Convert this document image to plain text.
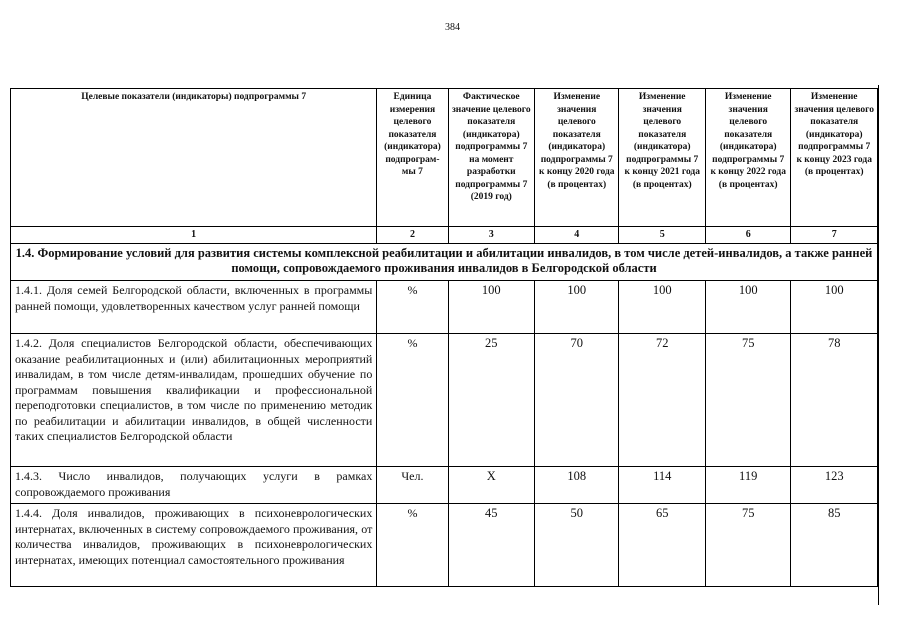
384
Целевые показатели (индикаторы) подпрограммы 7	Единица измерения целевого показателя (индикатора) подпрограм-мы 7	Фактическое значение целевого показателя (индикатора) подпрограммы 7 на момент разработки подпрограммы 7 (2019 год)	Изменение значения целевого показателя (индикатора) подпрограммы 7 к концу 2020 года (в процентах)	Изменение значения целевого показателя (индикатора) подпрограммы 7 к концу 2021 года (в процентах)	Изменение значения целевого показателя (индикатора) подпрограммы 7 к концу 2022 года (в процентах)	Изменение значения целевого показателя (индикатора) подпрограммы 7 к концу 2023 года (в процентах)
1	2	3	4	5	6	7
1.4. Формирование условий для развития системы комплексной реабилитации и абилитации инвалидов, в том числе детей-инвалидов, а также ранней помощи, сопровождаемого проживания инвалидов в Белгородской области						
1.4.1. Доля семей Белгородской области, включенных в программы ранней помощи, удовлетворенных качеством услуг ранней помощи	%	100	100	100	100	100
1.4.2. Доля специалистов Белгородской области, обеспечивающих оказание реабилитационных и (или) абилитационных мероприятий инвалидам, в том числе детям-инвалидам, прошедших обучение по программам повышения квалификации и профессиональной переподготовки специалистов, в том числе по применению методик по реабилитации и абилитации инвалидов, в общей численности таких специалистов Белгородской области	%	25	70	72	75	78
1.4.3. Число инвалидов, получающих услуги в рамках сопровождаемого проживания	Чел.	X	108	114	119	123
1.4.4. Доля инвалидов, проживающих в психоневрологических интернатах, включенных в систему сопровождаемого проживания, от количества инвалидов, проживающих в психоневрологических интернатах, имеющих потенциал самостоятельного проживания	%	45	50	65	75	85
